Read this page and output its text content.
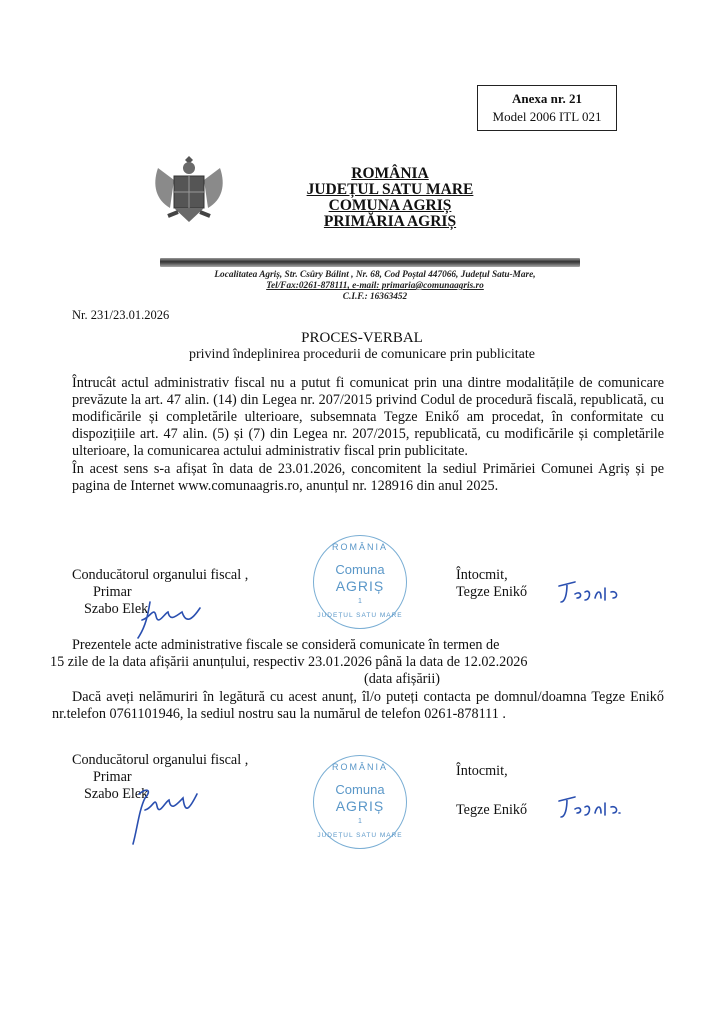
Anexa nr. 21
Model 2006 ITL 021
ROMÂNIA
JUDEȚUL SATU MARE
COMUNA AGRIȘ
PRIMĂRIA AGRIȘ
Localitatea Agriș, Str. Csûry Bálint , Nr. 68, Cod Poștal 447066, Județul Satu-Mare,
Tel/Fax:0261-878111, e-mail: primaria@comunaagris.ro
C.I.F.: 16363452
Nr. 231/23.01.2026
PROCES-VERBAL
privind îndeplinirea procedurii de comunicare prin publicitate
Întrucât actul administrativ fiscal nu a putut fi comunicat prin una dintre modalitățile de comunicare prevăzute la art. 47 alin. (14) din Legea nr. 207/2015 privind Codul de procedură fiscală, republicată, cu modificările și completările ulterioare, subsemnata Tegze Enikő am procedat, în conformitate cu dispozițiile art. 47 alin. (5) și (7) din Legea nr. 207/2015, republicată, cu modificările și completările ulterioare, la comunicarea actului administrativ fiscal prin publicitate.
În acest sens s-a afișat în data de 23.01.2026, concomitent la sediul Primăriei Comunei Agriș și pe pagina de Internet www.comunaagris.ro, anunțul nr. 128916 din anul 2025.
Conducătorul organului fiscal ,
Primar
Szabo Elek
ROMÂNIA
Comuna
AGRIȘ
1
JUDEȚUL SATU MARE
Întocmit,
Tegze Enikő
Prezentele acte administrative fiscale se consideră comunicate în termen de
15 zile de la data afișării anunțului, respectiv 23.01.2026 până la data de 12.02.2026
(data afișării)
Dacă aveți nelămuriri în legătură cu acest anunț, îl/o puteți contacta pe domnul/doamna Tegze Enikő nr.telefon 0761101946, la sediul nostru sau la numărul de telefon 0261-878111 .
Conducătorul organului fiscal ,
Primar
Szabo Elek
ROMÂNIA
Comuna
AGRIȘ
1
JUDEȚUL SATU MARE
Întocmit,
Tegze Enikő
